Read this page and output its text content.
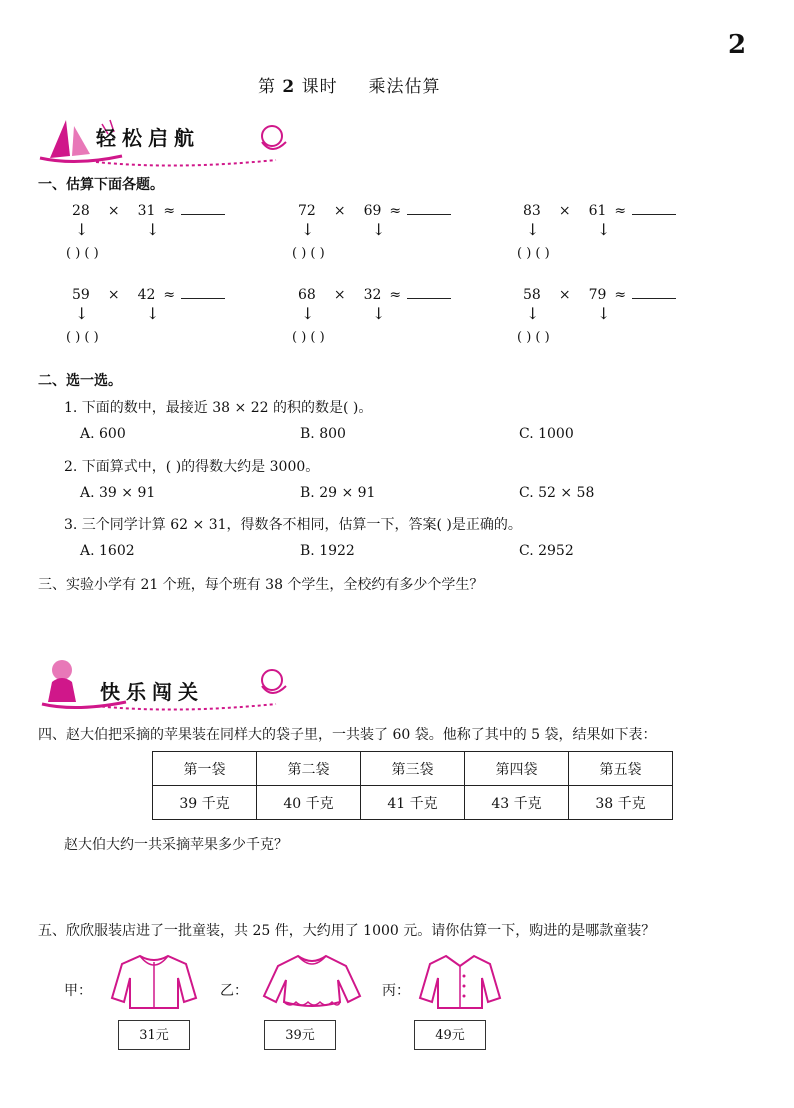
2
第 2 课时 乘法估算
轻松启航
一、估算下面各题。
28 × 31 ≈	72 × 69 ≈	83 × 61 ≈
↓	↓	↓	↓	↓	↓
( ) ( )	( ) ( )	( ) ( )
59 × 42 ≈	68 × 32 ≈	58 × 79 ≈
↓	↓	↓	↓	↓	↓
( ) ( )	( ) ( )	( ) ( )
二、选一选。
1. 下面的数中，最接近 38 × 22 的积的数是( )。
A. 600	B. 800	C. 1000
2. 下面算式中，( )的得数大约是 3000。
A. 39 × 91	B. 29 × 91	C. 52 × 58
3. 三个同学计算 62 × 31，得数各不相同，估算一下，答案( )是正确的。
A. 1602	B. 1922	C. 2952
三、实验小学有 21 个班，每个班有 38 个学生，全校约有多少个学生？
快乐闯关
四、赵大伯把采摘的苹果装在同样大的袋子里，一共装了 60 袋。他称了其中的 5 袋，结果如下表：
第一袋	第二袋	第三袋	第四袋	第五袋
39 千克	40 千克	41 千克	43 千克	38 千克
赵大伯大约一共采摘苹果多少千克？
五、欣欣服装店进了一批童装，共 25 件，大约用了 1000 元。请你估算一下，购进的是哪款童装？
甲：
31元
乙：
39元
丙：
49元
